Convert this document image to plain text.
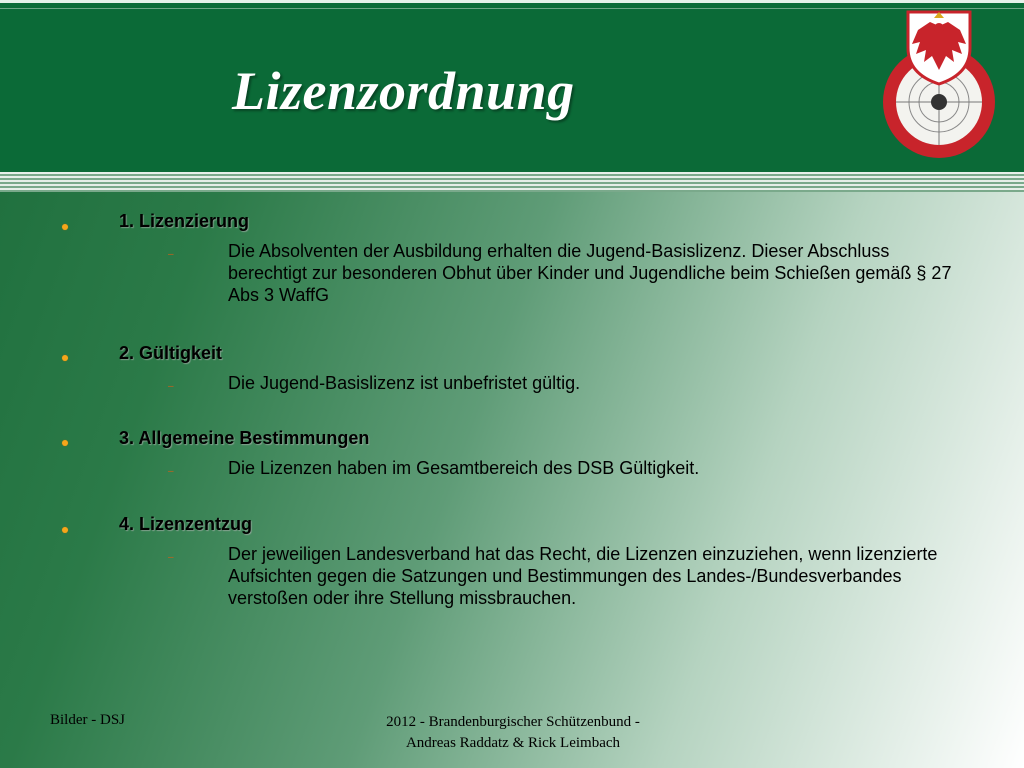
Lizenzordnung
1. Lizenzierung
–	Die Absolventen der Ausbildung erhalten die Jugend-Basislizenz. Dieser Abschluss berechtigt zur besonderen Obhut über Kinder und Jugendliche beim Schießen gemäß § 27 Abs 3 WaffG
2. Gültigkeit
–	Die Jugend-Basislizenz ist unbefristet gültig.
3. Allgemeine Bestimmungen
–	Die Lizenzen haben im Gesamtbereich des DSB Gültigkeit.
4. Lizenzentzug
–	Der jeweiligen Landesverband hat das Recht, die Lizenzen einzuziehen, wenn lizenzierte Aufsichten gegen die Satzungen und Bestimmungen des Landes-/Bundesverbandes verstoßen oder ihre Stellung missbrauchen.
Bilder - DSJ	2012 - Brandenburgischer Schützenbund -
Andreas Raddatz & Rick Leimbach
